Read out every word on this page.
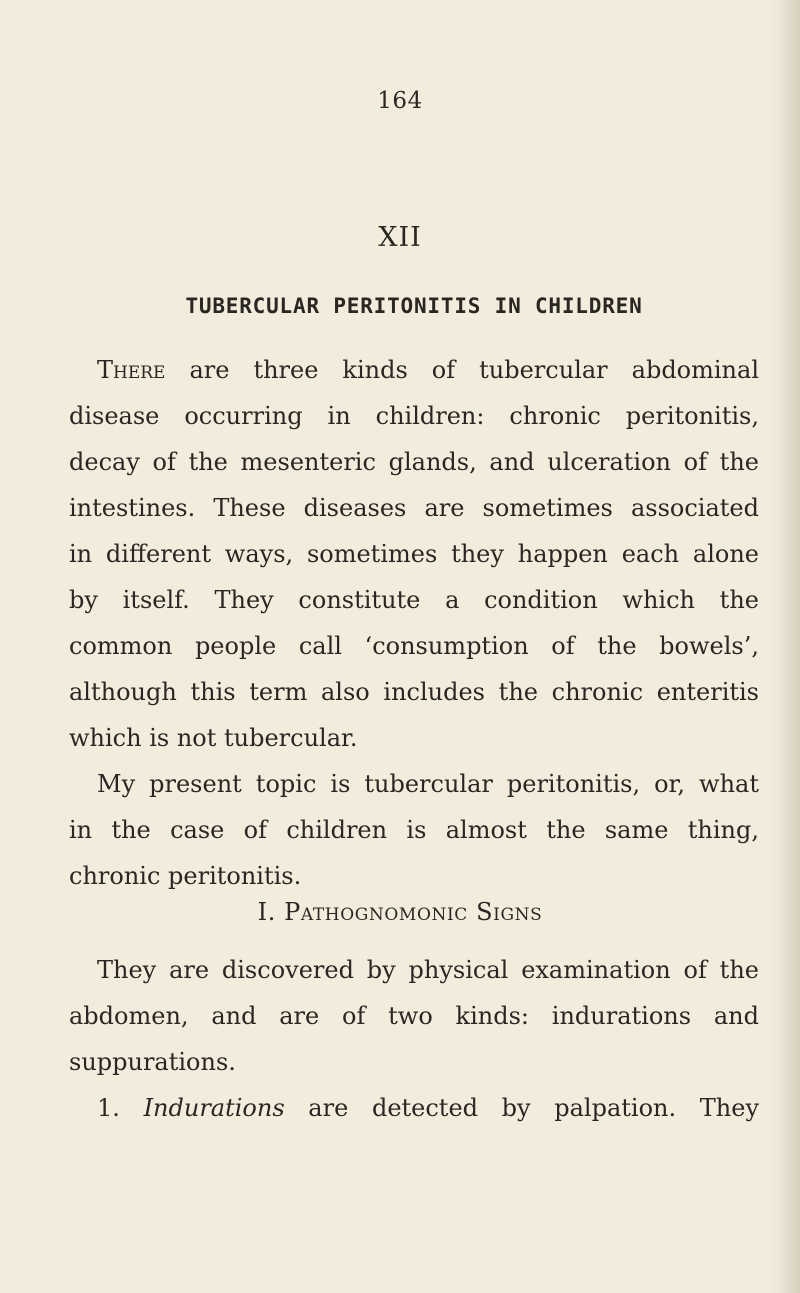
164
XII
TUBERCULAR PERITONITIS IN CHILDREN
There are three kinds of tubercular abdominal
disease occurring in children: chronic peritonitis,
decay of the mesenteric glands, and ulceration of the
intestines. These diseases are sometimes associated
in different ways, sometimes they happen each alone
by itself. They constitute a condition which the
common people call ‘consumption of the bowels’,
although this term also includes the chronic enteritis
which is not tubercular.
My present topic is tubercular peritonitis, or, what
in the case of children is almost the same thing,
chronic peritonitis.
I. Pathognomonic Signs
They are discovered by physical examination of the
abdomen, and are of two kinds: indurations and
suppurations.
1. Indurations are detected by palpation. They
